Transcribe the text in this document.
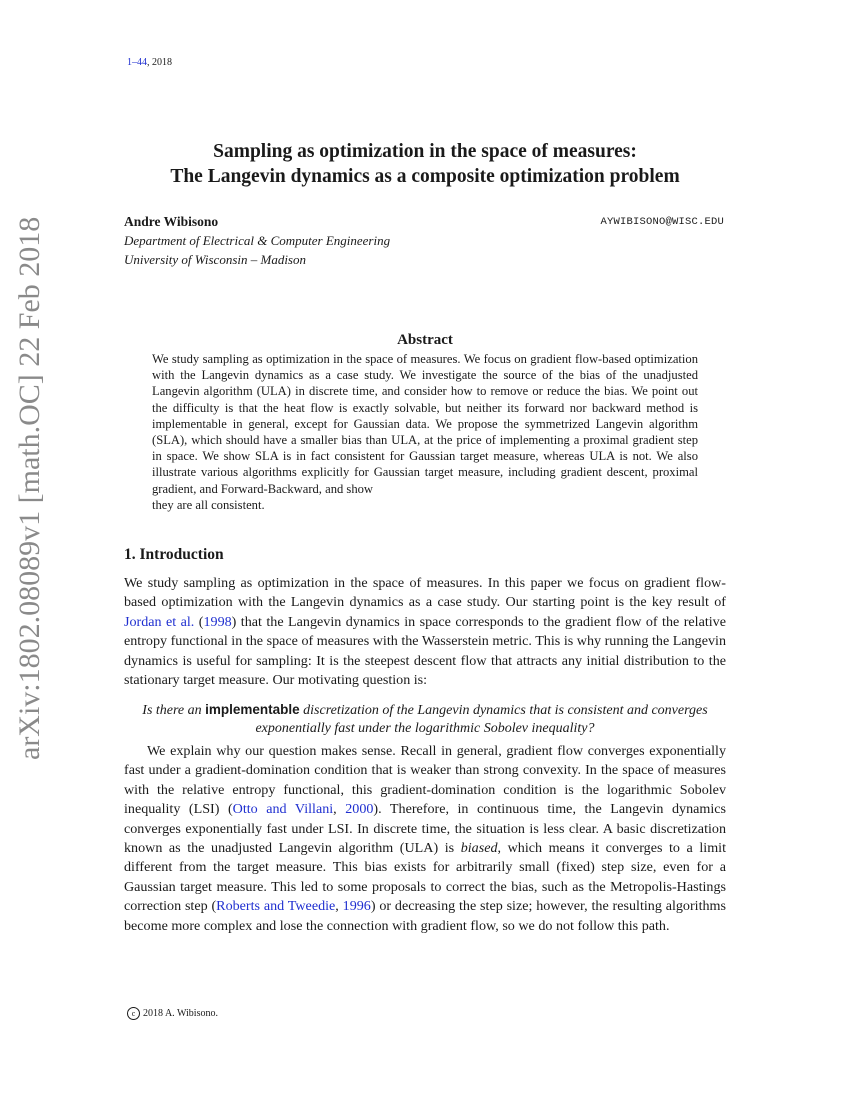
1–44, 2018
Sampling as optimization in the space of measures:
The Langevin dynamics as a composite optimization problem
Andre Wibisono	AYWIBISONO@WISC.EDU
Department of Electrical & Computer Engineering
University of Wisconsin – Madison
Abstract
We study sampling as optimization in the space of measures. We focus on gradient flow-based optimization with the Langevin dynamics as a case study. We investigate the source of the bias of the unadjusted Langevin algorithm (ULA) in discrete time, and consider how to remove or reduce the bias. We point out the difficulty is that the heat flow is exactly solvable, but neither its forward nor backward method is implementable in general, except for Gaussian data. We propose the symmetrized Langevin algorithm (SLA), which should have a smaller bias than ULA, at the price of implementing a proximal gradient step in space. We show SLA is in fact consistent for Gaussian target measure, whereas ULA is not. We also illustrate various algorithms explicitly for Gaussian target measure, including gradient descent, proximal gradient, and Forward-Backward, and show
they are all consistent.
1. Introduction
We study sampling as optimization in the space of measures. In this paper we focus on gradient flow-based optimization with the Langevin dynamics as a case study. Our starting point is the key result of Jordan et al. (1998) that the Langevin dynamics in space corresponds to the gradient flow of the relative entropy functional in the space of measures with the Wasserstein metric. This is why running the Langevin dynamics is useful for sampling: It is the steepest descent flow that attracts any initial distribution to the stationary target measure. Our motivating question is:
Is there an implementable discretization of the Langevin dynamics that is consistent and converges exponentially fast under the logarithmic Sobolev inequality?
We explain why our question makes sense. Recall in general, gradient flow converges exponentially fast under a gradient-domination condition that is weaker than strong convexity. In the space of measures with the relative entropy functional, this gradient-domination condition is the logarithmic Sobolev inequality (LSI) (Otto and Villani, 2000). Therefore, in continuous time, the Langevin dynamics converges exponentially fast under LSI. In discrete time, the situation is less clear. A basic discretization known as the unadjusted Langevin algorithm (ULA) is biased, which means it converges to a limit different from the target measure. This bias exists for arbitrarily small (fixed) step size, even for a Gaussian target measure. This led to some proposals to correct the bias, such as the Metropolis-Hastings correction step (Roberts and Tweedie, 1996) or decreasing the step size; however, the resulting algorithms become more complex and lose the connection with gradient flow, so we do not follow this path.
c 2018 A. Wibisono.
arXiv:1802.08089v1 [math.OC] 22 Feb 2018
